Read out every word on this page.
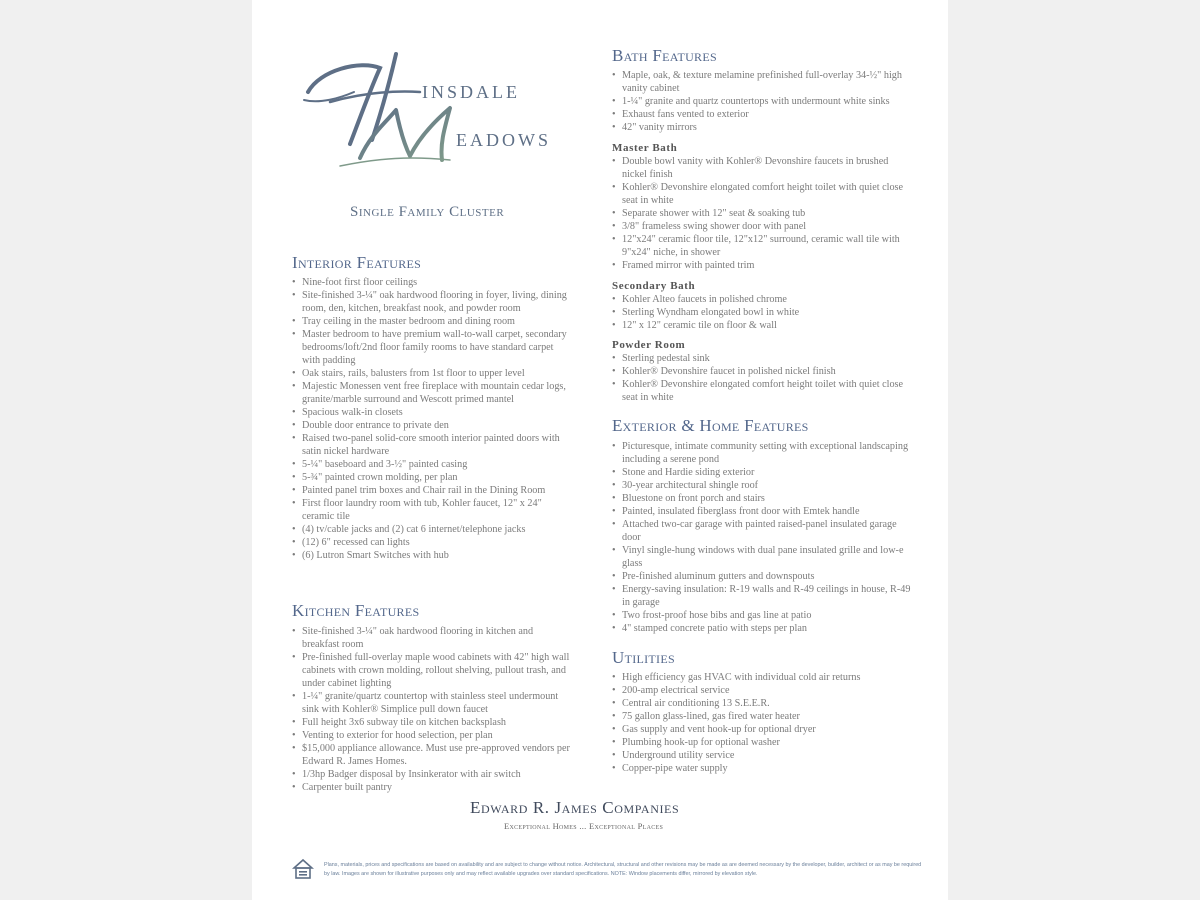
INSDALE
EADOWS
Single Family Cluster
Interior Features
• Nine-foot first floor ceilings
• Site-finished 3-¼" oak hardwood flooring in foyer, living, dining room, den, kitchen, breakfast nook, and powder room
• Tray ceiling in the master bedroom and dining room
• Master bedroom to have premium wall-to-wall carpet, secondary bedrooms/loft/2nd floor family rooms to have standard carpet with padding
• Oak stairs, rails, balusters from 1st floor to upper level
• Majestic Monessen vent free fireplace with mountain cedar logs, granite/marble surround and Wescott primed mantel
• Spacious walk-in closets
• Double door entrance to private den
• Raised two-panel solid-core smooth interior painted doors with satin nickel hardware
• 5-¼" baseboard and 3-½" painted casing
• 5-¾" painted crown molding, per plan
• Painted panel trim boxes and Chair rail in the Dining Room
• First floor laundry room with tub, Kohler faucet, 12" x 24" ceramic tile
• (4) tv/cable jacks and (2) cat 6 internet/telephone jacks
• (12) 6" recessed can lights
• (6) Lutron Smart Switches with hub
Kitchen Features
• Site-finished 3-¼" oak hardwood flooring in kitchen and breakfast room
• Pre-finished full-overlay maple wood cabinets with 42" high wall cabinets with crown molding, rollout shelving, pullout trash, and under cabinet lighting
• 1-¼" granite/quartz countertop with stainless steel undermount sink with Kohler® Simplice pull down faucet
• Full height 3x6 subway tile on kitchen backsplash
• Venting to exterior for hood selection, per plan
• $15,000 appliance allowance. Must use pre-approved vendors per Edward R. James Homes.
• 1/3hp Badger disposal by Insinkerator with air switch
• Carpenter built pantry
Bath Features
• Maple, oak, & texture melamine prefinished full-overlay 34-½" high vanity cabinet
• 1-¼" granite and quartz countertops with undermount white sinks
• Exhaust fans vented to exterior
• 42" vanity mirrors
Master Bath
• Double bowl vanity with Kohler® Devonshire faucets in brushed nickel finish
• Kohler® Devonshire elongated comfort height toilet with quiet close seat in white
• Separate shower with 12" seat & soaking tub
• 3/8" frameless swing shower door with panel
• 12"x24" ceramic floor tile, 12"x12" surround, ceramic wall tile with 9"x24" niche, in shower
• Framed mirror with painted trim
Secondary Bath
• Kohler Alteo faucets in polished chrome
• Sterling Wyndham elongated bowl in white
• 12" x 12" ceramic tile on floor & wall
Powder Room
• Sterling pedestal sink
• Kohler® Devonshire faucet in polished nickel finish
• Kohler® Devonshire elongated comfort height toilet with quiet close seat in white
Exterior & Home Features
• Picturesque, intimate community setting with exceptional landscaping including a serene pond
• Stone and Hardie siding exterior
• 30-year architectural shingle roof
• Bluestone on front porch and stairs
• Painted, insulated fiberglass front door with Emtek handle
• Attached two-car garage with painted raised-panel insulated garage door
• Vinyl single-hung windows with dual pane insulated grille and low-e glass
• Pre-finished aluminum gutters and downspouts
• Energy-saving insulation: R-19 walls and R-49 ceilings in house, R-49 in garage
• Two frost-proof hose bibs and gas line at patio
• 4" stamped concrete patio with steps per plan
Utilities
• High efficiency gas HVAC with individual cold air returns
• 200-amp electrical service
• Central air conditioning 13 S.E.E.R.
• 75 gallon glass-lined, gas fired water heater
• Gas supply and vent hook-up for optional dryer
• Plumbing hook-up for optional washer
• Underground utility service
• Copper-pipe water supply
Edward R. James Companies
Exceptional Homes ... Exceptional Places
Plans, materials, prices and specifications are based on availability and are subject to change without notice. Architectural, structural and other revisions may be made as are deemed necessary by the developer, builder, architect or as may be required by law. Images are shown for illustrative purposes only and may reflect available upgrades over standard specifications. NOTE: Window placements differ, mirrored by elevation style.
